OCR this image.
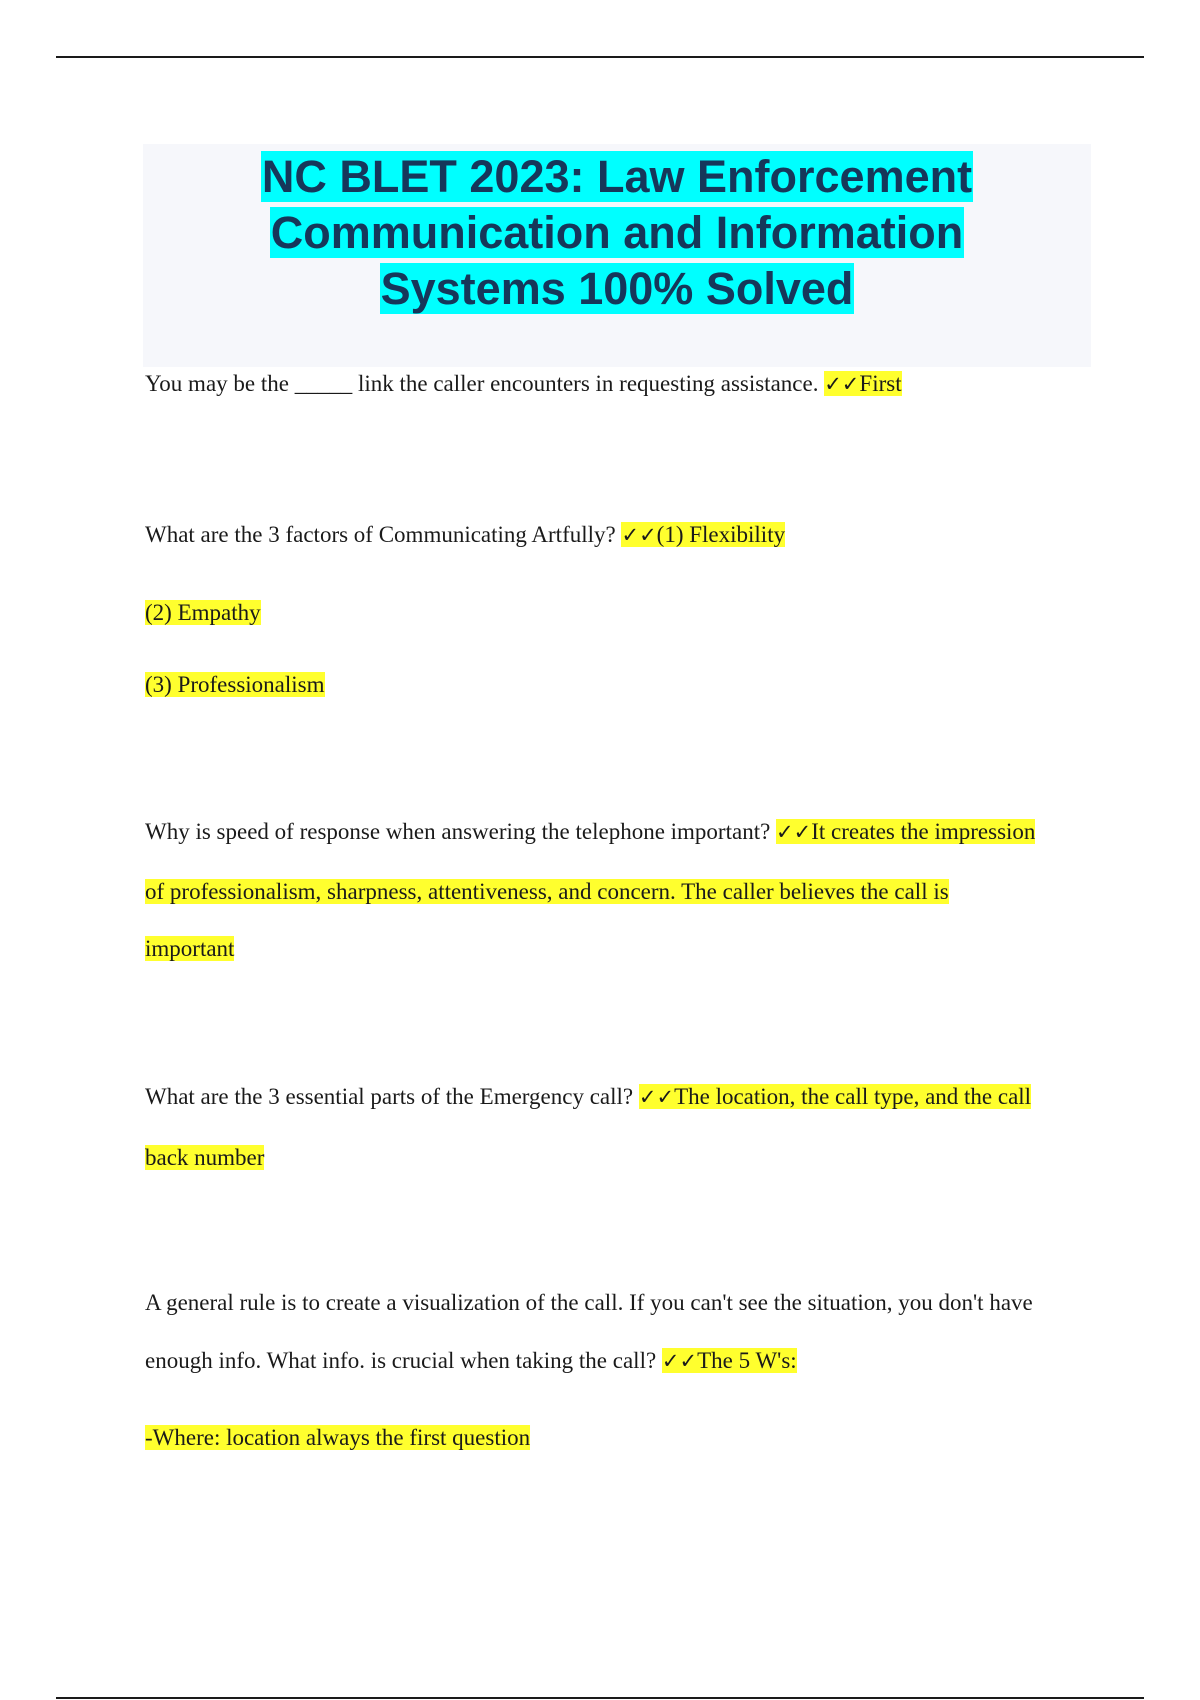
NC BLET 2023: Law Enforcement
Communication and Information
Systems 100% Solved
You may be the _____ link the caller encounters in requesting assistance. ✓✓First
What are the 3 factors of Communicating Artfully? ✓✓(1) Flexibility
(2) Empathy
(3) Professionalism
Why is speed of response when answering the telephone important? ✓✓It creates the impression
of professionalism, sharpness, attentiveness, and concern. The caller believes the call is
important
What are the 3 essential parts of the Emergency call? ✓✓The location, the call type, and the call
back number
A general rule is to create a visualization of the call. If you can't see the situation, you don't have
enough info. What info. is crucial when taking the call? ✓✓The 5 W's:
-Where: location always the first question
